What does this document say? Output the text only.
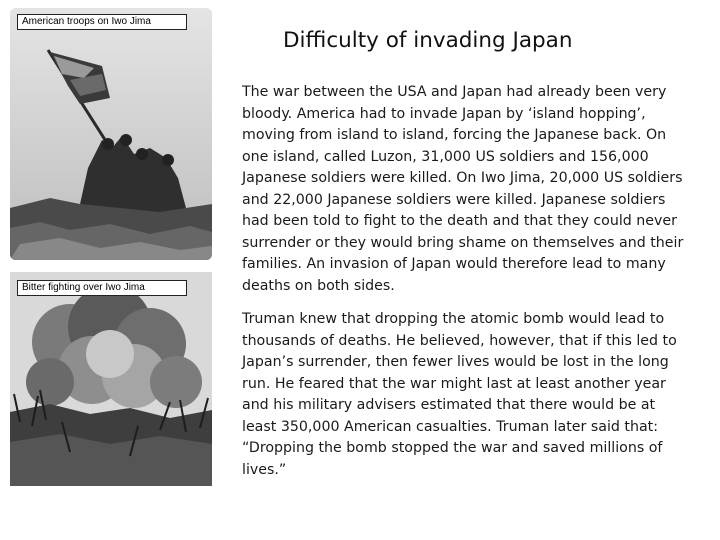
American troops on Iwo Jima
Bitter fighting over Iwo Jima
Difficulty of invading Japan

The war between the USA and Japan had already been very bloody. America had to invade Japan by ‘island hopping’, moving from island to island, forcing the Japanese back. On one island, called Luzon, 31,000 US soldiers and 156,000 Japanese soldiers were killed. On Iwo Jima, 20,000 US soldiers and 22,000 Japanese soldiers were killed. Japanese soldiers had been told to fight to the death and that they could never surrender or they would bring shame on themselves and their families. An invasion of Japan would therefore lead to many deaths on both sides.

Truman knew that dropping the atomic bomb would lead to thousands of deaths. He believed, however, that if this led to Japan’s surrender, then fewer lives would be lost in the long run. He feared that the war might last at least another year and his military advisers estimated that there would be at least 350,000 American casualties. Truman later said that: “Dropping the bomb stopped the war and saved millions of lives.”
